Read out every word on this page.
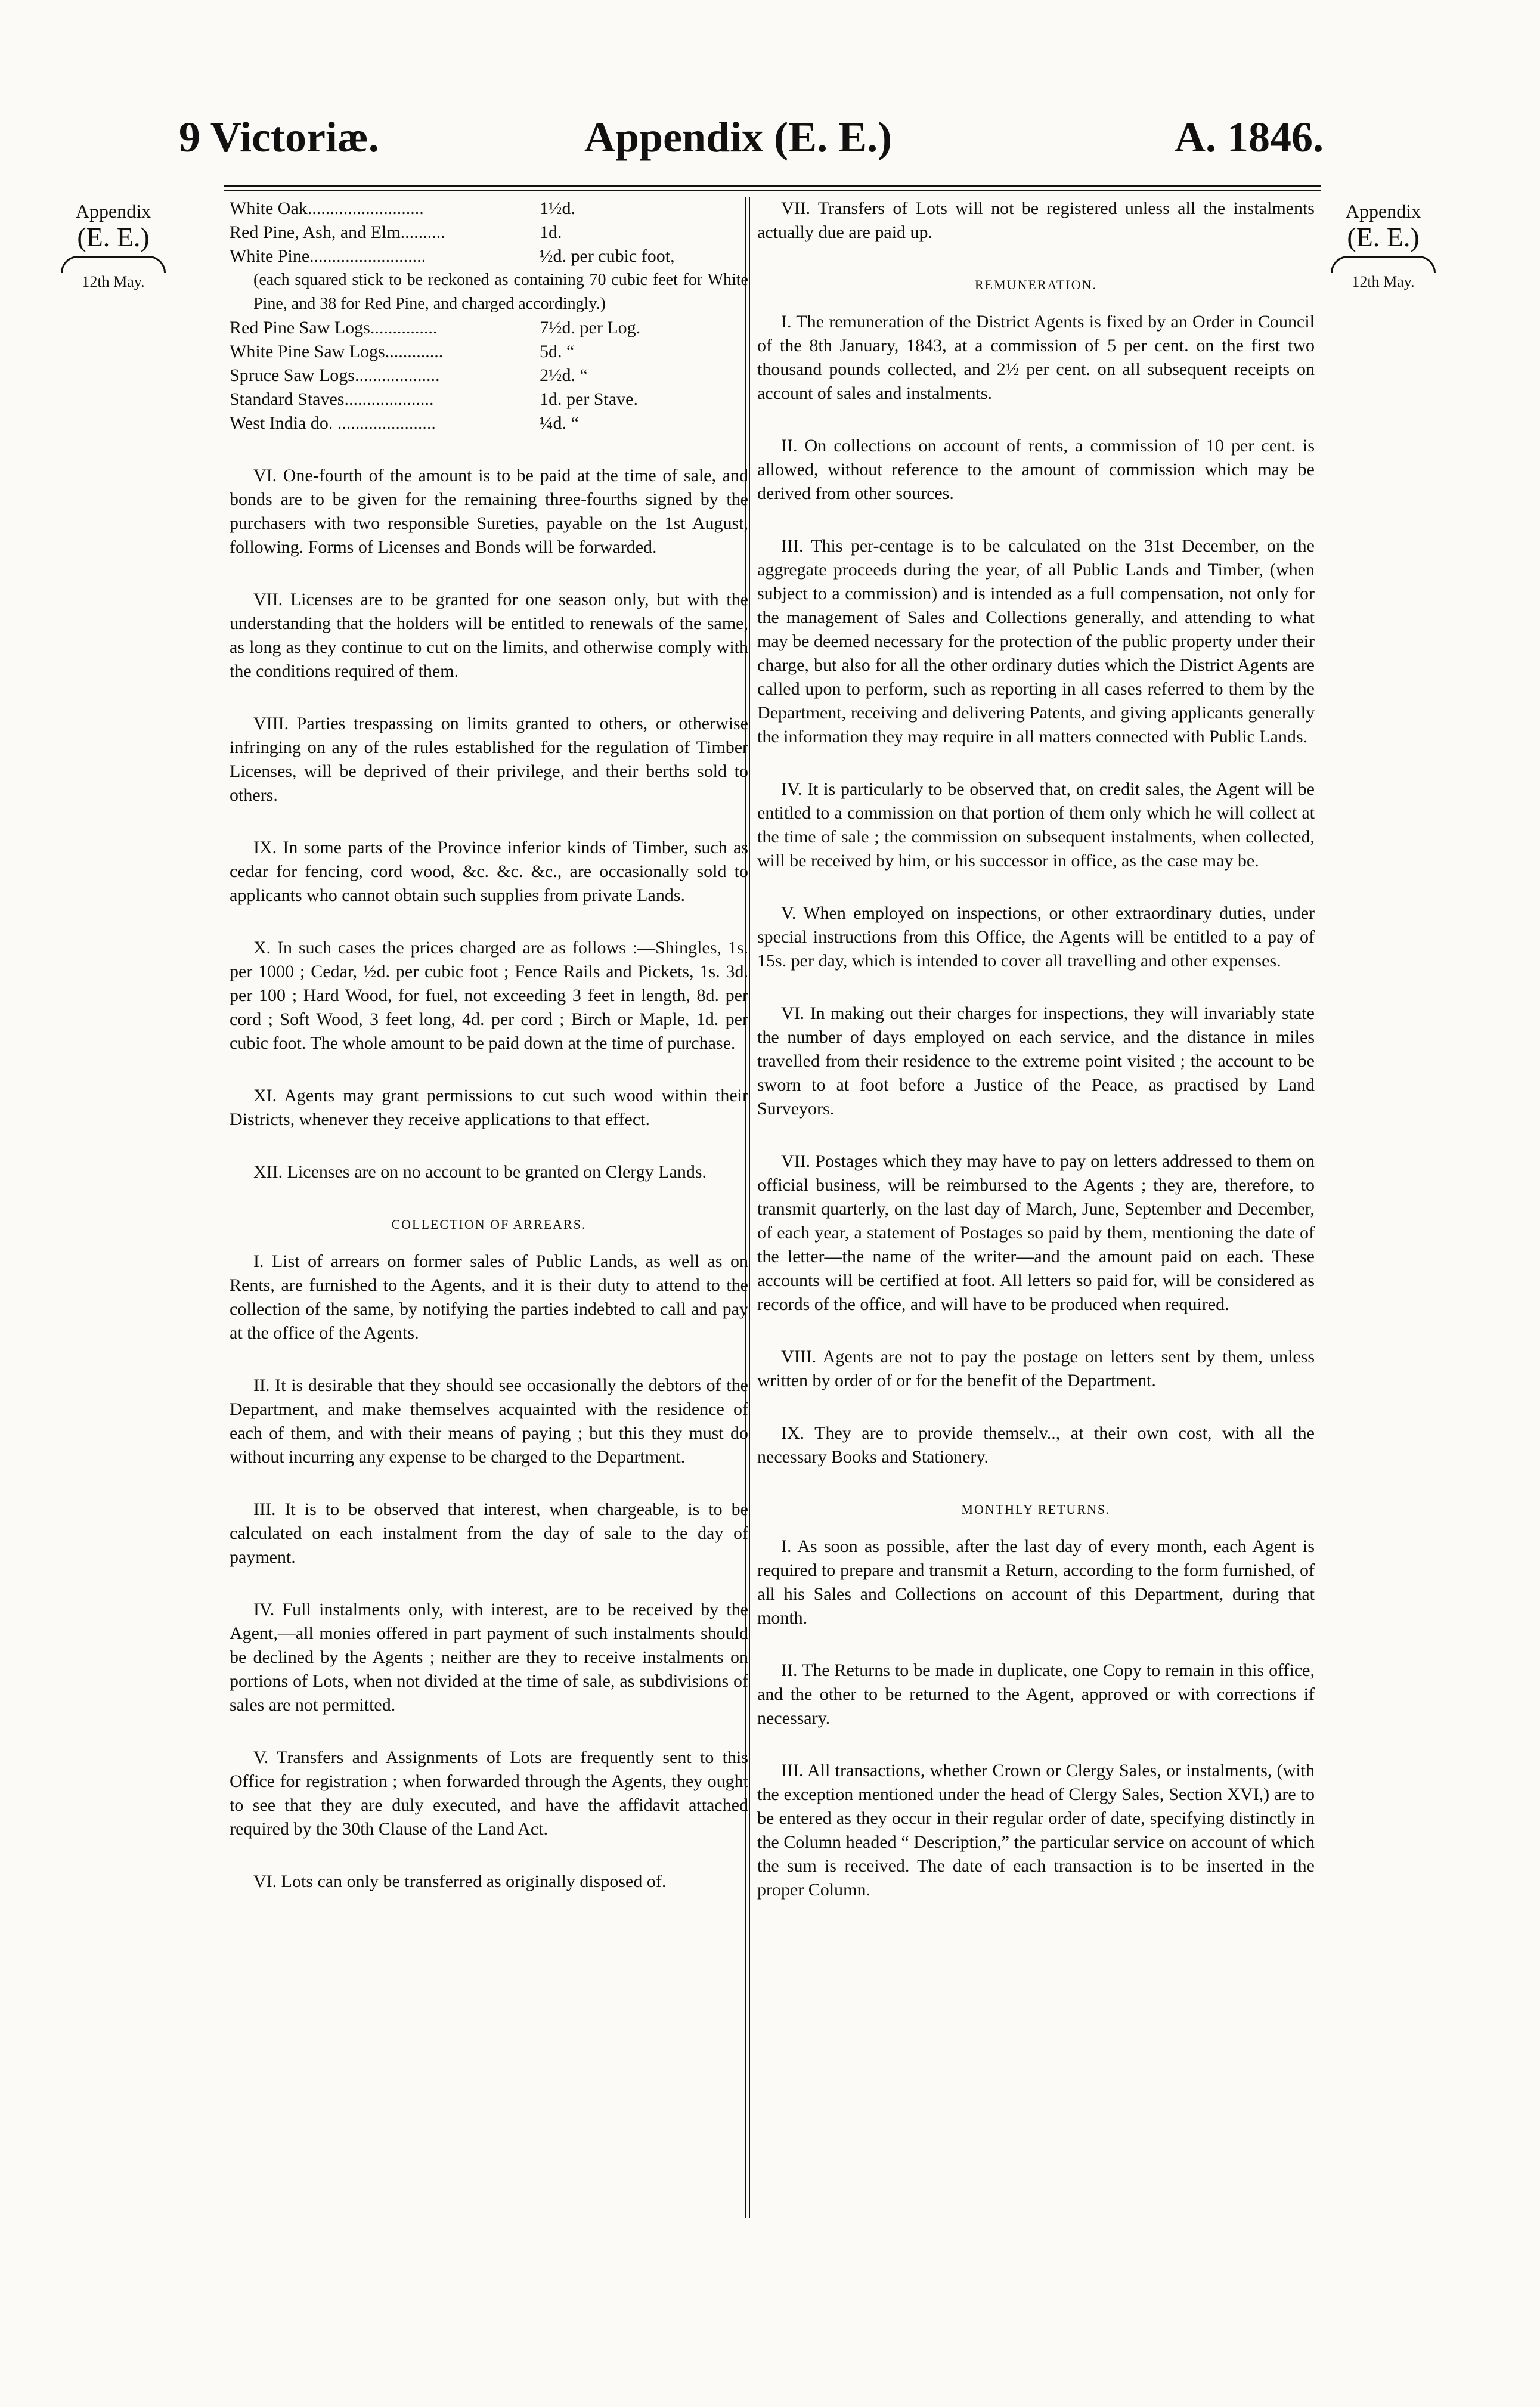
9 Victoriæ.	Appendix (E. E.)	A. 1846.
Appendix
(E. E.)
12th May.
Appendix
(E. E.)
12th May.
White Oak..........................	1½d.
Red Pine, Ash, and Elm..........	1d.
White Pine..........................	½d. per cubic foot,
(each squared stick to be reckoned as containing 70 cubic feet for White Pine, and 38 for Red Pine, and charged accordingly.)	
Red Pine Saw Logs...............	7½d. per Log.
White Pine Saw Logs.............	5d. “
Spruce Saw Logs...................	2½d. “
Standard Staves....................	1d. per Stave.
West India do. ......................	¼d. “

VI. One-fourth of the amount is to be paid at the time of sale, and bonds are to be given for the remaining three-fourths signed by the purchasers with two responsible Sureties, payable on the 1st August, following. Forms of Licenses and Bonds will be forwarded.

VII. Licenses are to be granted for one season only, but with the understanding that the holders will be entitled to renewals of the same, as long as they continue to cut on the limits, and otherwise comply with the conditions required of them.

VIII. Parties trespassing on limits granted to others, or otherwise infringing on any of the rules established for the regulation of Timber Licenses, will be deprived of their privilege, and their berths sold to others.

IX. In some parts of the Province inferior kinds of Timber, such as cedar for fencing, cord wood, &c. &c. &c., are occasionally sold to applicants who cannot obtain such supplies from private Lands.

X. In such cases the prices charged are as follows :—Shingles, 1s. per 1000 ; Cedar, ½d. per cubic foot ; Fence Rails and Pickets, 1s. 3d. per 100 ; Hard Wood, for fuel, not exceeding 3 feet in length, 8d. per cord ; Soft Wood, 3 feet long, 4d. per cord ; Birch or Maple, 1d. per cubic foot. The whole amount to be paid down at the time of purchase.

XI. Agents may grant permissions to cut such wood within their Districts, whenever they receive applications to that effect.

XII. Licenses are on no account to be granted on Clergy Lands.

COLLECTION OF ARREARS.

I. List of arrears on former sales of Public Lands, as well as on Rents, are furnished to the Agents, and it is their duty to attend to the collection of the same, by notifying the parties indebted to call and pay at the office of the Agents.

II. It is desirable that they should see occasionally the debtors of the Department, and make themselves acquainted with the residence of each of them, and with their means of paying ; but this they must do without incurring any expense to be charged to the Department.

III. It is to be observed that interest, when chargeable, is to be calculated on each instalment from the day of sale to the day of payment.

IV. Full instalments only, with interest, are to be received by the Agent,—all monies offered in part payment of such instalments should be declined by the Agents ; neither are they to receive instalments on portions of Lots, when not divided at the time of sale, as subdivisions of sales are not permitted.

V. Transfers and Assignments of Lots are frequently sent to this Office for registration ; when forwarded through the Agents, they ought to see that they are duly executed, and have the affidavit attached required by the 30th Clause of the Land Act.

VI. Lots can only be transferred as originally disposed of.

VII. Transfers of Lots will not be registered unless all the instalments actually due are paid up.

REMUNERATION.

I. The remuneration of the District Agents is fixed by an Order in Council of the 8th January, 1843, at a commission of 5 per cent. on the first two thousand pounds collected, and 2½ per cent. on all subsequent receipts on account of sales and instalments.

II. On collections on account of rents, a commission of 10 per cent. is allowed, without reference to the amount of commission which may be derived from other sources.

III. This per-centage is to be calculated on the 31st December, on the aggregate proceeds during the year, of all Public Lands and Timber, (when subject to a commission) and is intended as a full compensation, not only for the management of Sales and Collections generally, and attending to what may be deemed necessary for the protection of the public property under their charge, but also for all the other ordinary duties which the District Agents are called upon to perform, such as reporting in all cases referred to them by the Department, receiving and delivering Patents, and giving applicants generally the information they may require in all matters connected with Public Lands.

IV. It is particularly to be observed that, on credit sales, the Agent will be entitled to a commission on that portion of them only which he will collect at the time of sale ; the commission on subsequent instalments, when collected, will be received by him, or his successor in office, as the case may be.

V. When employed on inspections, or other extraordinary duties, under special instructions from this Office, the Agents will be entitled to a pay of 15s. per day, which is intended to cover all travelling and other expenses.

VI. In making out their charges for inspections, they will invariably state the number of days employed on each service, and the distance in miles travelled from their residence to the extreme point visited ; the account to be sworn to at foot before a Justice of the Peace, as practised by Land Surveyors.

VII. Postages which they may have to pay on letters addressed to them on official business, will be reimbursed to the Agents ; they are, therefore, to transmit quarterly, on the last day of March, June, September and December, of each year, a statement of Postages so paid by them, mentioning the date of the letter—the name of the writer—and the amount paid on each. These accounts will be certified at foot. All letters so paid for, will be considered as records of the office, and will have to be produced when required.

VIII. Agents are not to pay the postage on letters sent by them, unless written by order of or for the benefit of the Department.

IX. They are to provide themselv.., at their own cost, with all the necessary Books and Stationery.

MONTHLY RETURNS.

I. As soon as possible, after the last day of every month, each Agent is required to prepare and transmit a Return, according to the form furnished, of all his Sales and Collections on account of this Department, during that month.

II. The Returns to be made in duplicate, one Copy to remain in this office, and the other to be returned to the Agent, approved or with corrections if necessary.

III. All transactions, whether Crown or Clergy Sales, or instalments, (with the exception mentioned under the head of Clergy Sales, Section XVI,) are to be entered as they occur in their regular order of date, specifying distinctly in the Column headed “ Description,” the particular service on account of which the sum is received. The date of each transaction is to be inserted in the proper Column.
